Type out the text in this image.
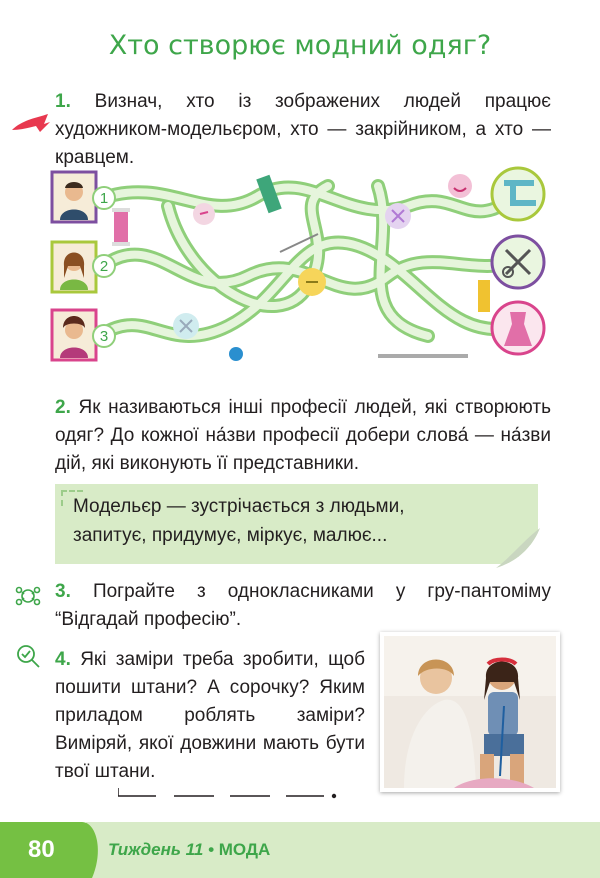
Хто створює модний одяг?
1. Визнач, хто із зображених людей працює художником-модельєром, хто — закрійником, а хто — кравцем.
1
2
3
2. Як називаються інші професії людей, які створюють одяг? До кожної на́зви професії добери слова́ — на́зви дій, які виконують її представники.
Модельєр — зустрічається з людьми,
запитує, придумує, міркує, малює...
3. Пограйте з однокласниками у гру-пантоміму “Відгадай професію”.
4. Які заміри треба зробити, щоб пошити штани? А сорочку? Яким приладом роблять заміри? Виміряй, якої довжини мають бути твої штани.
80	Тиждень 11 • МОДА
